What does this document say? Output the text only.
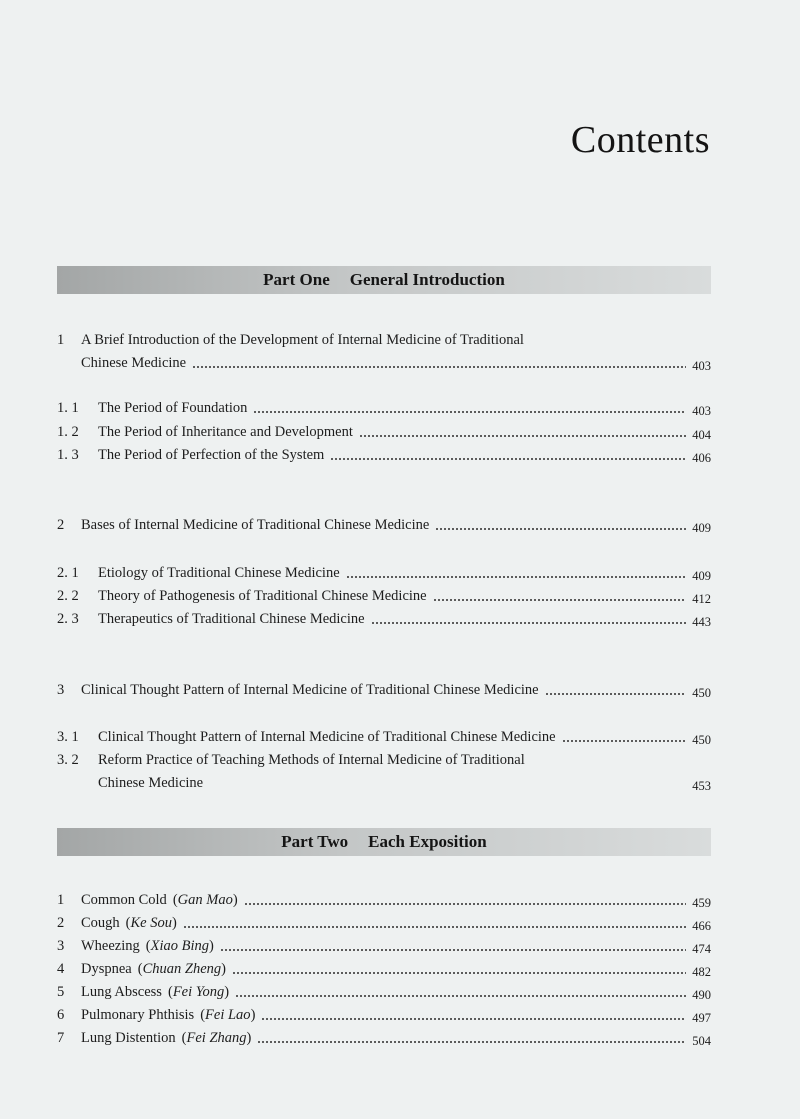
Contents
Part One General Introduction
1 A Brief Introduction of the Development of Internal Medicine of Traditional
Chinese Medicine	403
1. 1 The Period of Foundation	403
1. 2 The Period of Inheritance and Development	404
1. 3 The Period of Perfection of the System	406
2 Bases of Internal Medicine of Traditional Chinese Medicine	409
2. 1 Etiology of Traditional Chinese Medicine	409
2. 2 Theory of Pathogenesis of Traditional Chinese Medicine	412
2. 3 Therapeutics of Traditional Chinese Medicine	443
3 Clinical Thought Pattern of Internal Medicine of Traditional Chinese Medicine	450
3. 1 Clinical Thought Pattern of Internal Medicine of Traditional Chinese Medicine	450
3. 2 Reform Practice of Teaching Methods of Internal Medicine of Traditional
Chinese Medicine	453
Part Two Each Exposition
1 Common Cold ( Gan Mao )	459
2 Cough ( Ke Sou )	466
3 Wheezing ( Xiao Bing )	474
4 Dyspnea ( Chuan Zheng )	482
5 Lung Abscess ( Fei Yong )	490
6 Pulmonary Phthisis ( Fei Lao )	497
7 Lung Distention ( Fei Zhang )	504
